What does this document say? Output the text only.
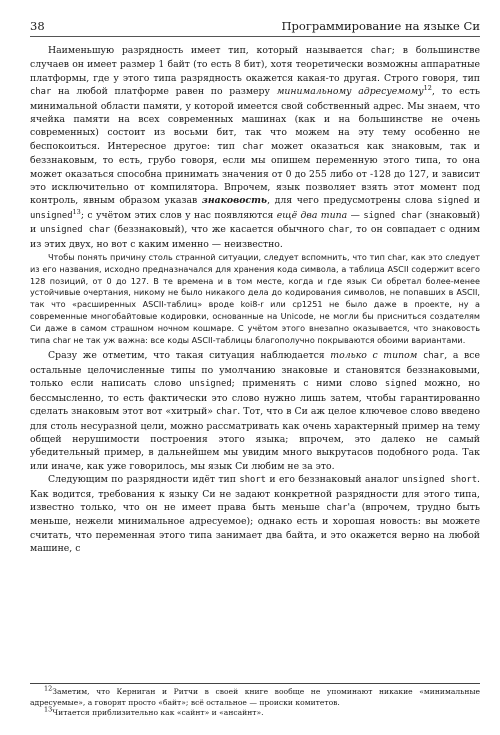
38	Программирование на языке Си

Наименьшую разрядность имеет тип, который называется char; в большинстве случаев он имеет размер 1 байт (то есть 8 бит), хотя теоретически возможны аппаратные платформы, где у этого типа разрядность окажется какая-то другая. Строго говоря, тип char на любой платформе равен по размеру минимальному адресуемому$^{12}$, то есть минимальной области памяти, у которой имеется свой собственный адрес. Мы знаем, что ячейка памяти на всех современных машинах (как и на большинстве не очень современных) состоит из восьми бит, так что можем на эту тему особенно не беспокоиться. Интересное другое: тип char может оказаться как знаковым, так и беззнаковым, то есть, грубо говоря, если мы опишем переменную этого типа, то она может оказаться способна принимать значения от 0 до 255 либо от -128 до 127, и зависит это исключительно от компилятора. Впрочем, язык позволяет взять этот момент под контроль, явным образом указав знаковость, для чего предусмотрены слова signed и unsigned$^{13}$; с учётом этих слов у нас появляются ещё два типа — signed char (знаковый) и unsigned char (беззнаковый), что же касается обычного char, то он совпадает с одним из этих двух, но вот с каким именно — неизвестно.

Чтобы понять причину столь странной ситуации, следует вспомнить, что тип char, как это следует из его названия, исходно предназначался для хранения кода символа, а таблица ASCII содержит всего 128 позиций, от 0 до 127. В те времена и в том месте, когда и где язык Си обретал более-менее устойчивые очертания, никому не было никакого дела до кодирования символов, не попавших в ASCII, так что «расширенных ASCII-таблиц» вроде koi8-r или cp1251 не было даже в проекте, ну а современные многобайтовые кодировки, основанные на Unicode, не могли бы присниться создателям Си даже в самом страшном ночном кошмаре. С учётом этого внезапно оказывается, что знаковость типа char не так уж важна: все коды ASCII-таблицы благополучно покрываются обоими вариантами.

Сразу же отметим, что такая ситуация наблюдается только с типом char, а все остальные целочисленные типы по умолчанию знаковые и становятся беззнаковыми, только если написать слово unsigned; применять с ними слово signed можно, но бессмысленно, то есть фактически это слово нужно лишь затем, чтобы гарантированно сделать знаковым этот вот «хитрый» char. Тот, что в Си аж целое ключевое слово введено для столь несуразной цели, можно рассматривать как очень характерный пример на тему общей нерушимости построения этого языка; впрочем, это далеко не самый убедительный пример, в дальнейшем мы увидим много выкрутасов подобного рода. Так или иначе, как уже говорилось, мы язык Си любим не за это.

Следующим по разрядности идёт тип short и его беззнаковый аналог unsigned short. Как водится, требования к языку Си не задают конкретной разрядности для этого типа, известно только, что он не имеет права быть меньше char'а (впрочем, трудно быть меньше, нежели минимальное адресуемое); однако есть и хорошая новость: вы можете считать, что переменная этого типа занимает два байта, и это окажется верно на любой машине, с

$^{12}$Заметим, что Керниган и Ритчи в своей книге вообще не упоминают никакие «минимальные адресуемые», а говорят просто «байт»; всё остальное — происки комитетов.

$^{13}$Читается приблизительно как «сайнт» и «ансайнт».
